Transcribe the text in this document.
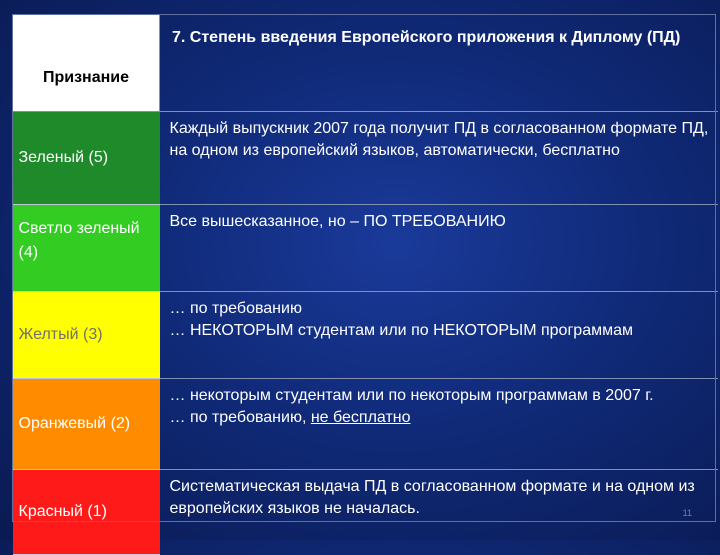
Признание	7. Степень введения Европейского приложения к Диплому (ПД)
Зеленый (5)	Каждый выпускник 2007 года получит ПД в согласованном формате ПД, на одном из европейский языков, автоматически, бесплатно
Светло зеленый (4)	Все вышесказанное, но – ПО ТРЕБОВАНИЮ
Желтый (3)	… по требованию
… НЕКОТОРЫМ студентам или по НЕКОТОРЫМ программам

Оранжевый (2)	… некоторым студентам или по некоторым программам в 2007 г.
… по требованию, не бесплатно

Красный (1)	Систематическая выдача ПД в согласованном формате и на одном из европейских языков не началась.	11
